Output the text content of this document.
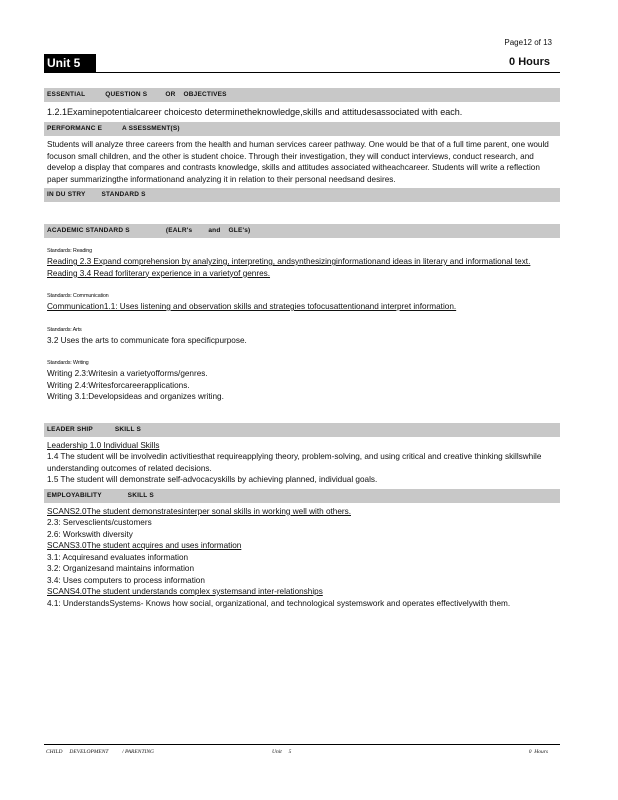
Page12 of 13
Unit 5	0 Hours
ESSENTIAL          QUESTION S         OR    OBJECTIVES
1.2.1Examinepotentialcareer choicesto determinetheknowledge,skills and attitudesassociated with each.
PERFORMANC E          A SSESSMENT(S)
Students will analyze three careers from the health and human services career pathway. One would be that of a full time parent, one would focuson small children, and the other is student choice. Through their investigation, they will conduct interviews, conduct research, and develop a display that compares and contrasts knowledge, skills and attitudes associated witheachcareer. Students will write a reflection paper summarizingthe informationand analyzing it in relation to their personal needsand desires.
IN DU STRY        STANDARD S
ACADEMIC STANDARD S                  (EALR's        and    GLE's)
Standards: Reading
Reading 2.3 Expand comprehension by analyzing, interpreting, andsynthesizinginformationand ideas in literary and informational text.
Reading 3.4 Read forliterary experience in a varietyof genres.
Standards: Communication
Communication1.1: Uses listening and observation skills and strategies tofocusattentionand interpret information.
Standards: Arts
3.2 Uses the arts to communicate fora specificpurpose.
Standards: Writing
Writing 2.3:Writesin a varietyofforms/genres.
Writing 2.4:Writesforcareerapplications.
Writing 3.1:Developsideas and organizes writing.
LEADER SHIP           SKILL S
Leadership 1.0 Individual Skills
1.4 The student will be involvedin activitiesthat requireapplying theory, problem-solving, and using critical and creative thinking skillswhile understanding outcomes of related decisions.
1.5 The student will demonstrate self-advocacyskills by achieving planned, individual goals.
EMPLOYABILITY             SKILL S
SCANS2.0The student demonstratesinterper sonal skills in working well with others.
2.3: Servesclients/customers
2.6: Workswith diversity
SCANS3.0The student acquires and uses information
3.1: Acquiresand evaluates information
3.2: Organizesand maintains information
3.4: Uses computers to process information
SCANS4.0The student understands complex systemsand inter-relationships
4.1: UnderstandsSystems- Knows how social, organizational, and technological systemswork and operates effectivelywith them.
CHILD     DEVELOPMENT          / PARENTING	Unit     5	0  Hours
